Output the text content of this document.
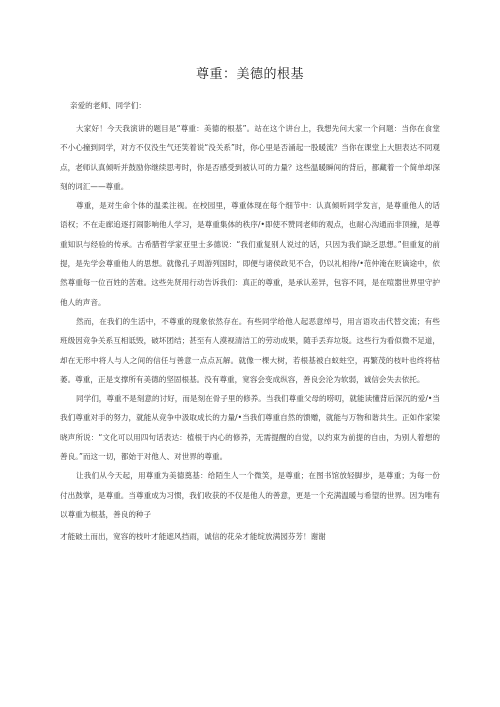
尊重：美德的根基

亲爱的老师、同学们：

大家好！今天我演讲的题目是“尊重：美德的根基”。站在这个讲台上，我想先问大家一个问题：当你在食堂不小心撞到同学，对方不仅没生气还笑着说“没关系”时，你心里是否涌起一股暖流？当你在课堂上大胆表达不同观点，老师认真倾听并鼓励你继续思考时，你是否感受到被认可的力量？这些温暖瞬间的背后，都藏着一个简单却深刻的词汇——尊重。

尊重，是对生命个体的温柔注视。在校园里，尊重体现在每个细节中：认真倾听同学发言，是尊重他人的话语权；不在走廊追逐打闹影响他人学习，是尊重集体的秩序/•即使不赞同老师的观点，也耐心沟通而非顶撞，是尊重知识与经验的传承。古希腊哲学家亚里士多德说：“我们重复别人说过的话，只因为我们缺乏思想。”但重复的前提，是先学会尊重他人的思想。就像孔子周游列国时，即便与诸侯政见不合，仍以礼相待/•范仲淹在贬谪途中，依然尊重每一位百姓的苦难。这些先贤用行动告诉我们：真正的尊重，是承认差异，包容不同，是在喧嚣世界里守护他人的声音。

然而，在我们的生活中，不尊重的现象依然存在。有些同学给他人起恶意绰号，用言语攻击代替交流；有些班级因竞争关系互相诋毁，破坏团结；甚至有人漠视清洁工的劳动成果，随手丢弃垃圾。这些行为看似微不足道，却在无形中将人与人之间的信任与善意一点点瓦解。就像一棵大树，若根基被白蚁蛀空，再繁茂的枝叶也终将枯萎。尊重，正是支撑所有美德的坚固根基。没有尊重，宽容会变成纵容，善良会沦为软弱，诚信会失去依托。

同学们，尊重不是刻意的讨好，而是刻在骨子里的修养。当我们尊重父母的唠叨，就能读懂背后深沉的爱/•当我们尊重对手的努力，就能从竞争中汲取成长的力量/•当我们尊重自然的馈赠，就能与万物和谐共生。正如作家梁晓声所说：“文化可以用四句话表达：植根于内心的修养，无需提醒的自觉，以约束为前提的自由，为别人着想的善良。”而这一切，都始于对他人、对世界的尊重。

让我们从今天起，用尊重为美德奠基：给陌生人一个微笑，是尊重；在图书馆放轻脚步，是尊重；为每一份付出鼓掌，是尊重。当尊重成为习惯，我们收获的不仅是他人的善意，更是一个充满温暖与希望的世界。因为唯有以尊重为根基，善良的种子

才能破土而出，宽容的枝叶才能遮风挡雨，诚信的花朵才能绽放满园芬芳！谢谢
